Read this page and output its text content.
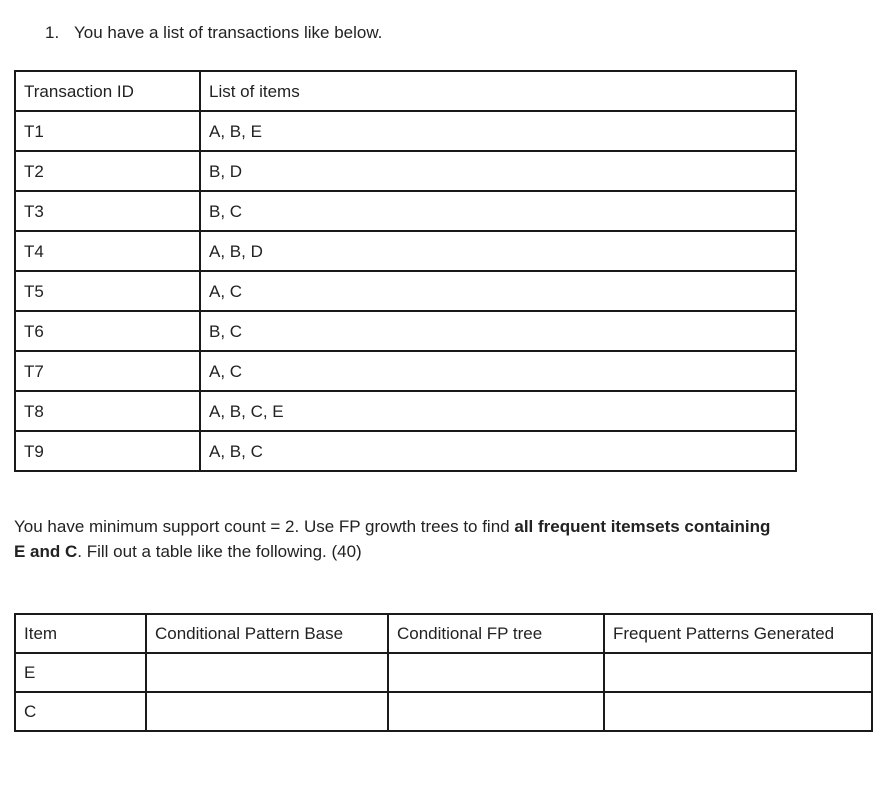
1. You have a list of transactions like below.
Transaction ID	List of items
T1	A, B, E
T2	B, D
T3	B, C
T4	A, B, D
T5	A, C
T6	B, C
T7	A, C
T8	A, B, C, E
T9	A, B, C
You have minimum support count = 2. Use FP growth trees to find all frequent itemsets containing E and C. Fill out a table like the following. (40)
Item	Conditional Pattern Base	Conditional FP tree	Frequent Patterns Generated
E			
C			
